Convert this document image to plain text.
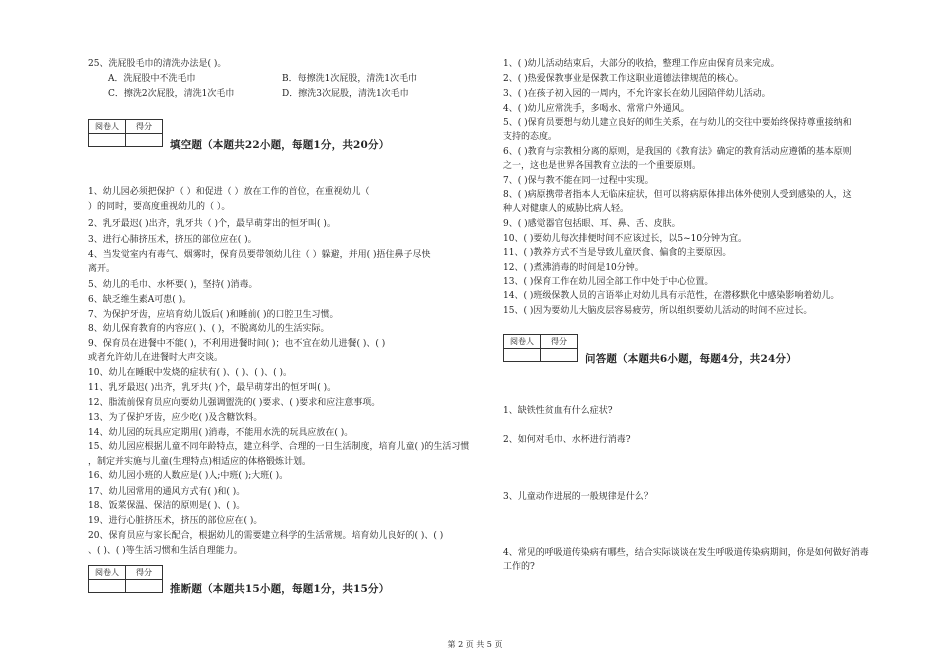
25、洗屁股毛巾的清洗办法是( )。
A．洗屁股中不洗毛巾	B．每擦洗1次屁股，清洗1次毛巾
C．擦洗2次屁股，清洗1次毛巾	D．擦洗3次屁股，清洗1次毛巾
阅卷人	得分
填空题（本题共22小题，每题1分，共20分）
1、幼儿园必须把保护（ ）和促进（ ）放在工作的首位，在重视幼儿（
）的同时，要高度重视幼儿的（ ）。
2、乳牙最迟( )出齐，乳牙共（ )个，最早萌芽出的恒牙叫( )。
3、进行心肺挤压术，挤压的部位应在( )。
4、当发觉室内有毒气、烟雾时，保育员要带领幼儿往（ ）躲避，并用( )捂住鼻子尽快
离开。
5、幼儿的毛巾、水杯要( )，坚持( )消毒。
6、缺乏维生素A可患( )。
7、为保护牙齿，应培育幼儿饭后( )和睡前( )的口腔卫生习惯。
8、幼儿保育教育的内容应( )、( )，不脱离幼儿的生活实际。
9、保育员在进餐中不能( )，不利用进餐时间( )；也不宜在幼儿进餐( )、( )
或者允许幼儿在进餐时大声交谈。
10、幼儿在睡眠中发烧的症状有( )、( )、( )、( )。
11、乳牙最迟( )出齐，乳牙共( )个，最早萌芽出的恒牙叫( )。
12、脂流前保育员应向要幼儿强调盥洗的( )要求、( )要求和应注意事项。
13、为了保护牙齿，应少吃( )及含糖饮料。
14、幼儿园的玩具应定期用( )消毒，不能用水洗的玩具应放在( )。
15、幼儿园应根据儿童不同年龄特点，建立科学、合理的一日生活制度，培育儿童( )的生活习惯
，制定并实施与儿童(生理特点)相适应的体格锻炼计划。
16、幼儿园小班的人数应是( )人;中班( );大班( )。
17、幼儿园常用的通风方式有( )和( )。
18、饭菜保温、保洁的原则是( )、( )。
19、进行心脏挤压术，挤压的部位应在( )。
20、保育员应与家长配合，根据幼儿的需要建立科学的生活常规。培育幼儿良好的( )、( )
、( )、( )等生活习惯和生活自理能力。
阅卷人	得分
推断题（本题共15小题，每题1分，共15分）
1、( )幼儿活动结束后，大部分的收拾，整理工作应由保育员来完成。
2、( )热爱保教事业是保教工作这职业道德法律规范的核心。
3、( )在孩子初入园的一周内，不允许家长在幼儿园陪伴幼儿活动。
4、( )幼儿应常洗手，多喝水、常常户外通风。
5、( )保育员要想与幼儿建立良好的师生关系，在与幼儿的交往中要始终保持尊重接纳和
支持的态度。
6、( )教育与宗教相分离的原则，是我国的《教育法》确定的教育活动应遵循的基本原则
之一，这也是世界各国教育立法的一个重要原则。
7、( )保与教不能在同一过程中实现。
8、( )病原携带者指本人无临床症状，但可以将病原体排出体外使别人受到感染的人，这
种人对健康人的威胁比病人轻。
9、( )感觉器官包括眼、耳、鼻、舌、皮肤。
10、( )要幼儿每次排便时间不应该过长，以5~10分钟为宜。
11、( )教养方式不当是导致儿童厌食、偏食的主要原因。
12、( )煮沸消毒的时间是10分钟。
13、( )保育工作在幼儿园全部工作中处于中心位置。
14、( )班级保教人员的言语举止对幼儿具有示范性，在潜移默化中感染影响着幼儿。
15、( )因为要幼儿大脑皮层容易疲劳，所以组织要幼儿活动的时间不应过长。
阅卷人	得分
问答题（本题共6小题，每题4分，共24分）
1、缺铁性贫血有什么症状?
2、如何对毛巾、水杯进行消毒?
3、儿童动作进展的一般规律是什么？
4、常见的呼吸道传染病有哪些，结合实际谈谈在发生呼吸道传染病期间，你是如何做好消毒
工作的?
第 2 页 共 5 页
